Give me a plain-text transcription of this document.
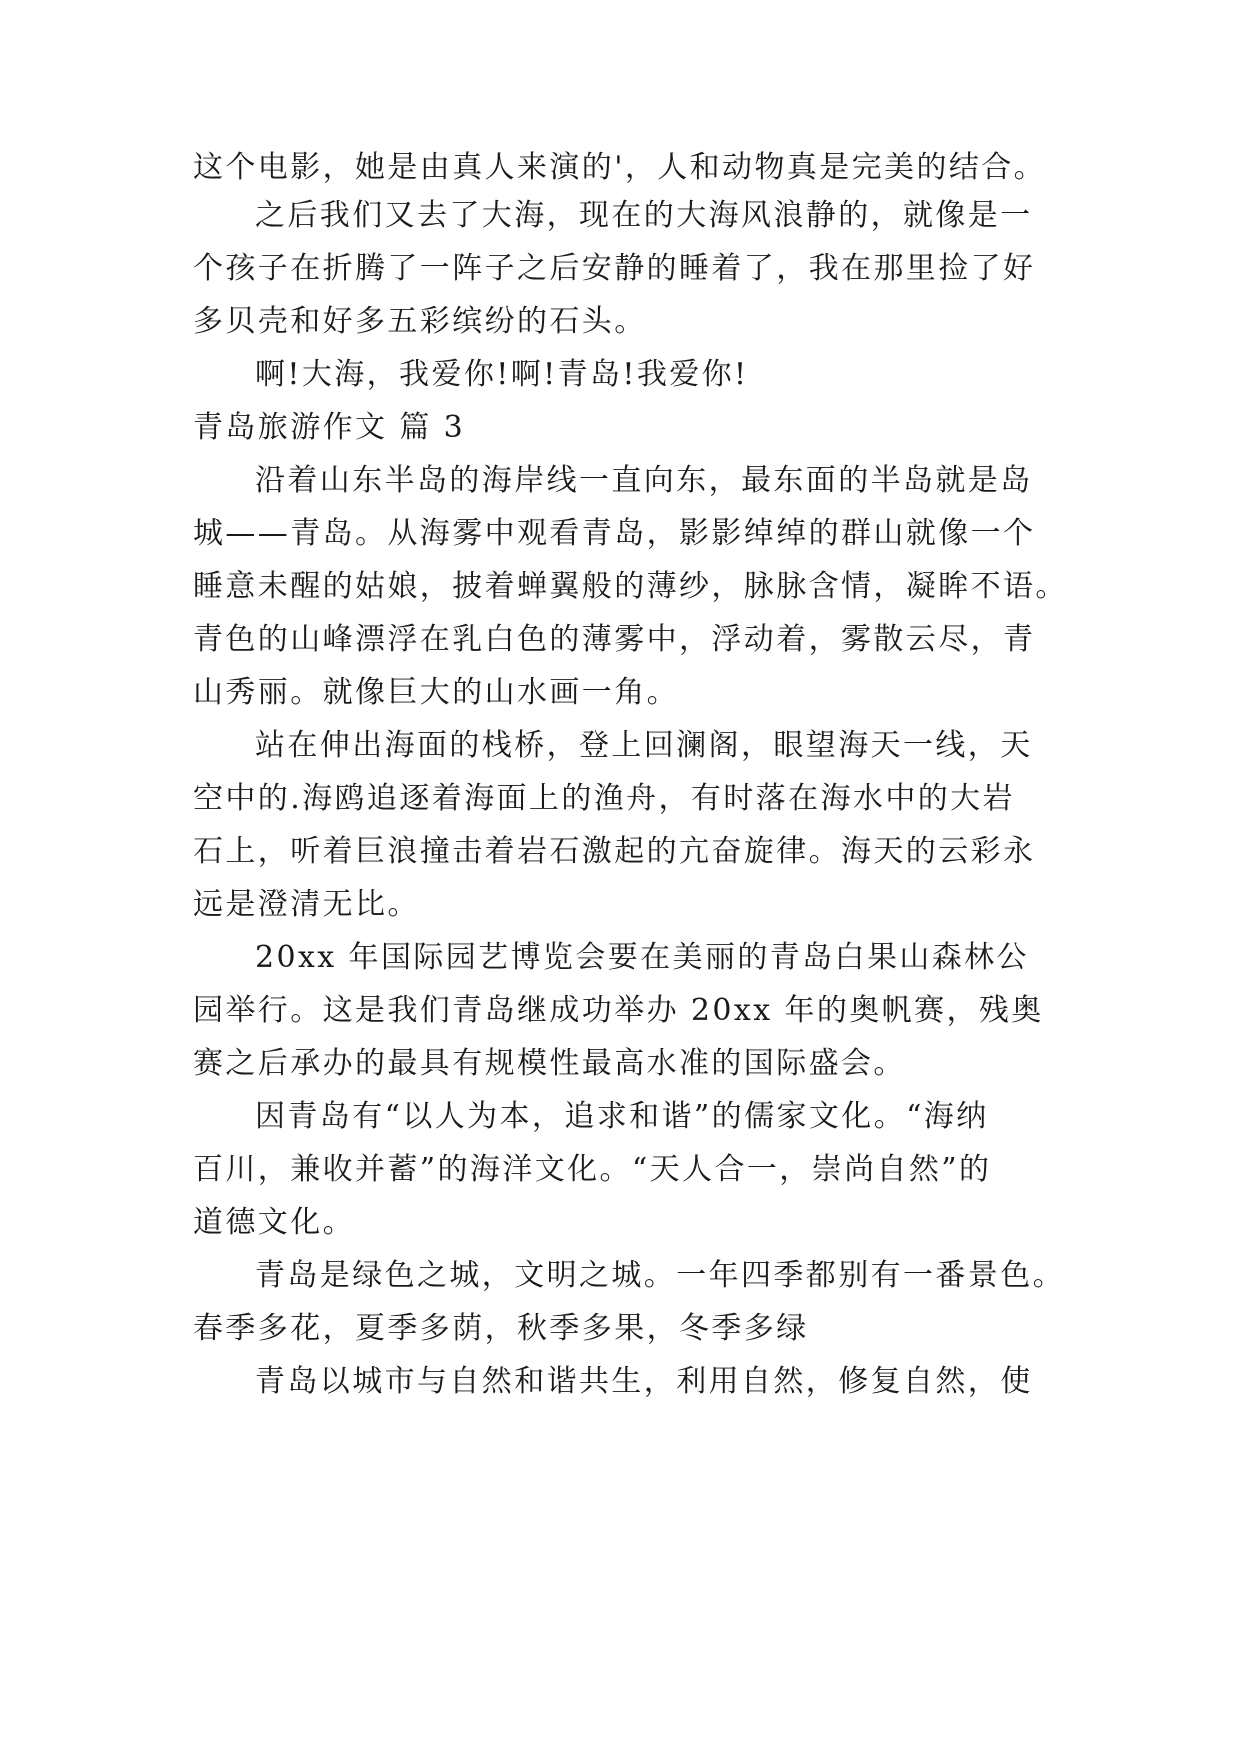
这个电影，她是由真人来演的'，人和动物真是完美的结合。
之后我们又去了大海，现在的大海风浪静的，就像是一
个孩子在折腾了一阵子之后安静的睡着了，我在那里捡了好
多贝壳和好多五彩缤纷的石头。
啊!大海，我爱你!啊!青岛!我爱你!
青岛旅游作文 篇 3
沿着山东半岛的海岸线一直向东，最东面的半岛就是岛
城——青岛。从海雾中观看青岛，影影绰绰的群山就像一个
睡意未醒的姑娘，披着蝉翼般的薄纱，脉脉含情，凝眸不语。
青色的山峰漂浮在乳白色的薄雾中，浮动着，雾散云尽，青
山秀丽。就像巨大的山水画一角。
站在伸出海面的栈桥，登上回澜阁，眼望海天一线，天
空中的.海鸥追逐着海面上的渔舟，有时落在海水中的大岩
石上，听着巨浪撞击着岩石激起的亢奋旋律。海天的云彩永
远是澄清无比。
20xx 年国际园艺博览会要在美丽的青岛白果山森林公
园举行。这是我们青岛继成功举办 20xx 年的奥帆赛，残奥
赛之后承办的最具有规模性最高水准的国际盛会。
因青岛有“以人为本，追求和谐”的儒家文化。“海纳
百川，兼收并蓄”的海洋文化。“天人合一，崇尚自然”的
道德文化。
青岛是绿色之城，文明之城。一年四季都别有一番景色。
春季多花，夏季多荫，秋季多果，冬季多绿
青岛以城市与自然和谐共生，利用自然，修复自然，使
